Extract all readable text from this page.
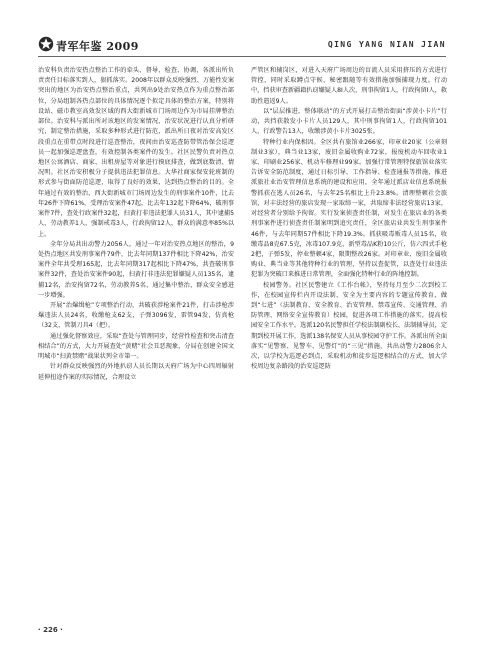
青军年鉴 2009	QING YANG NIAN JIAN

治安科负责治安热点整治工作的牵头、督导、检查、协调，各派出所负责责任目标落实到人，狠抓落实。2008年以群众反映强烈、万能性发案突出的地区为治安热点整治重点，共列出9处治安热点作为重点整治部位，分局组制各热点部位的具体情况逐个拟定具体的整治方案，特别将设站、磁市教室高效发区域的西大街新城市门场周边作为市局挂牌整治部位。治安科与派出所对该地区的发案情况、治安状况进行认真分析研究，制定整治措施，采取多种形式进行防范，派出所日夜对治安高发区段重点在重带点时段进行巡查整治，夜间由治安巡查防带管治保会巡逻员一起加强巡逻盘查，有效控制各类案件的发生。社区民警负责对热点地区公寓酒店、商家、出租房屋等对象进行摸底排查，做到底数清、情况明。社区治安积极分子提供违法犯罪信息。大华社商家保安轮班制的形式参与街面防范巡逻，取得了良好的效果，达到热点整治的目的。全年通过有效的整治，西大街新城市门场周边发生的刑事案件10件，比去年26件下降61%，受理治安案件47起，比去年132起下降64%，破刑事案件7件，查处行政案件32起，扫黄打非违法犯罪人员31人，其中逮捕5人，劳动教养1人，强制戒毒3人，行政拘留12人，群众的满意率85%以上。

全年分局共出动警力2056人，通过一年对治安热点地区的整治，9处热点地区共发刑事案件79件，比去年同期137件相比下降42%，治安案件全年共受理165起，比去年同期317起相比下降47%，共查破刑事案件32件，查处治安案件90起，扫黄打非违法犯罪嫌疑人员135名，逮捕12名，治安拘留72名，劳动教养5名，通过集中整治，群众安全感进一步增强。

开展“治爆缉枪”专项整治行动，共破获涉枪案件21件，打击涉枪涉爆违法人员24名，收缴枪支62支，子弹3096发，雷管94发，仿真枪（32支、管制刀具4（把）。

通过强化督察效应，采取“查处与管理同步，经营性检查和突击清查相结合”的方式，大力开展查处“黄赌”社会丑恶现象，分局在创建全国文明城市“扫黄禁赌”战果状列全市第一。

针对群众反映强烈的外地扒窃人员长期以天府广场为中心四周辐射延伸扭途作案的实际情况，合理设立

严管区和辅岗区，对进入天府广场周边的盲流人员采用挤压的方式进行管控，同时采取蹲点守候、秘密跟随等有效措施加强捕现力度。行动中，挡获审查新疆籍扒窃嫌疑人8I人次，刑事拘留1人，行政拘留I人，救助性遣返9人。

以“层层推进，整体联动”的方式开展打击整治街面“涉黄小卡片”行动，共挡获散发小卡片人员129人，其中刑事拘留1人，行政拘留101人，行政警告13人，收缴涉黄小卡片3025张。

特种行业内保相因。全区共有旅馆业266家，印章业20家（公章刻制业3家），典当业13家，废旧金属收购业72家，报废机动车回收业1家、印刷业256家、机动车修理业99家。加强行常管理特保旅馆业落实告诉安全防范制度，通过日标引导、工作指导、检查通报等措施，推进派旅社业治安管理信息系统的建设和应用，全年通过派店业信息系统报警抓获在逃人员26名，与去年25名相比上升23.8%。清理整顿社会旅馆，对丰法经营的旅店发现一家取缔一家，共取缔非法经营旅店13家，对经营者分别给予拘留。实行发案侦查责任制，对发生在旅店业的各类刑事案件进行侦查责任制案明到追究责任，全区旅店业共发生刑事案件46件，与去年同期57件相比下降19.3%。抓获吸毒贩毒人员15名，收缴毒品8克67.5克，冰毒107.9克，新型毒品K粉10公斤，仿六四式手枪2把，子弹5发，停业整顿4家，限期整改26家。对印章业、废旧金属收购业、典当业等其他特种行业的管理，坚持以查促管，以查处行业违法犯罪为突破口来推进日常管理，全面强化特种行业的阵地控制。

校园警务。社区民警建立《工作台帐》，坚持每月至少二次到校工作，在校园宣传栏内开设法制、安全为主要内容的专题宣传教育，做到“七进”（法制教育、安全教育、治安管理、禁毒宣传、交通管理、消防管理、网络安全宣传教育）校园，促进各项工作措施的落实，提高校园安全工作水平。选派120名民警担任学校法制副校长、法制辅导员，定期到校开展工作，选派138名保安人员从事校园守护工作。各派出所全面落实“见警察、见警车、见警灯”的“三见”措施，共出动警力2806余人次，以学校为巡逻必到点，采取机动和徒步巡逻相结合的方式，加大学校周边复杂路段的治安巡逻防

· 226 ·
